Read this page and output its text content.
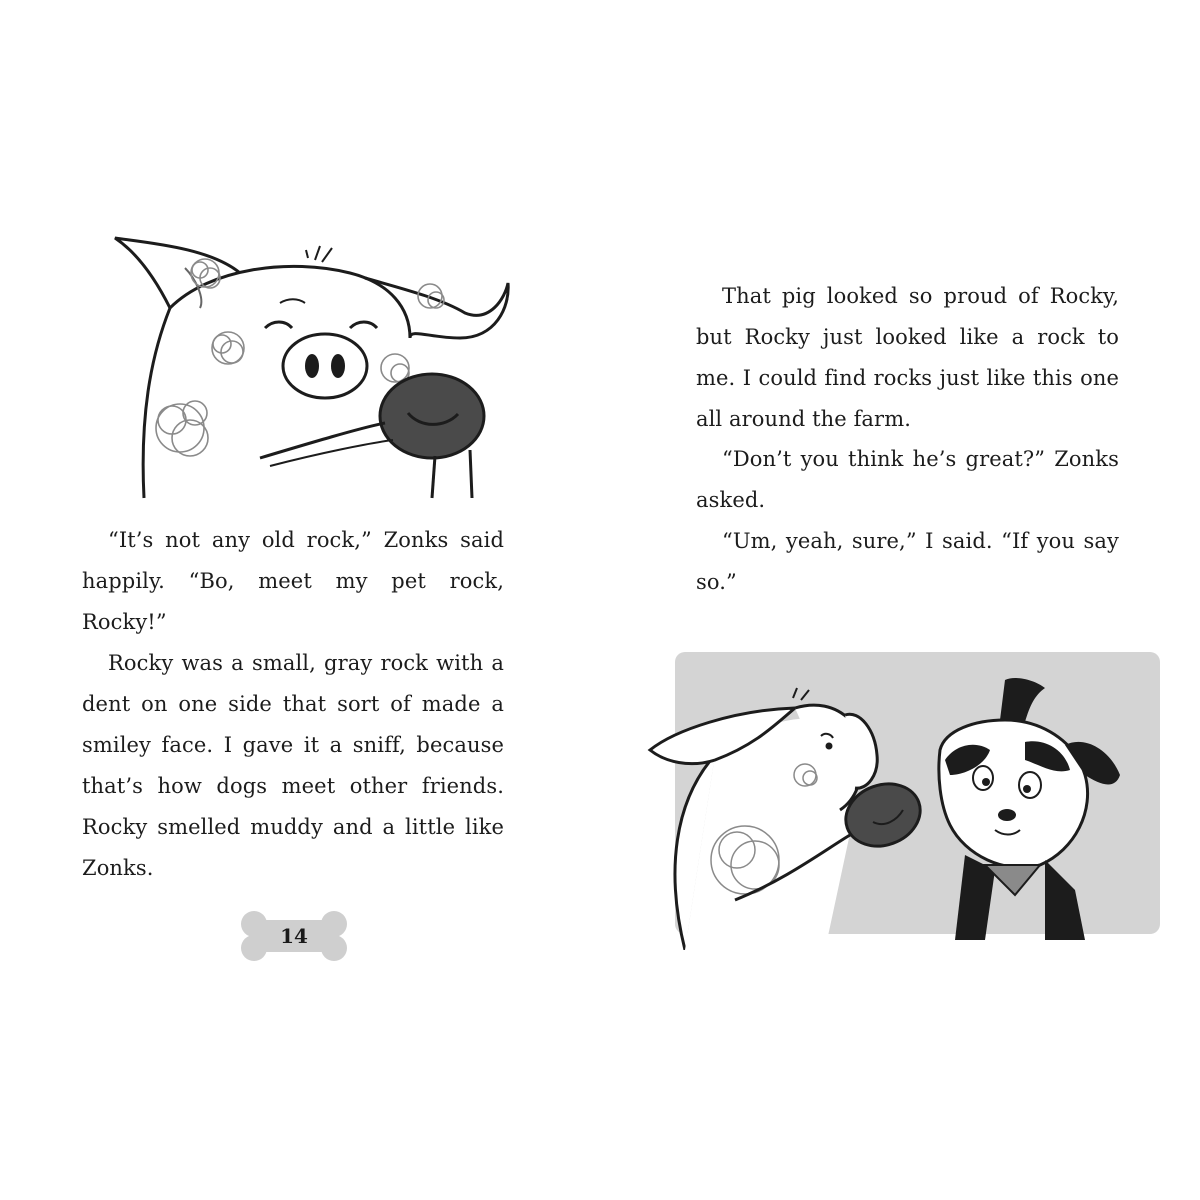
“It’s not any old rock,” Zonks said happily. “Bo, meet my pet rock, Rocky!”

Rocky was a small, gray rock with a dent on one side that sort of made a smiley face. I gave it a sniff, because that’s how dogs meet other friends. Rocky smelled muddy and a little like Zonks.

14

That pig looked so proud of Rocky, but Rocky just looked like a rock to me. I could find rocks just like this one all around the farm.

“Don’t you think he’s great?” Zonks asked.

“Um, yeah, sure,” I said. “If you say so.”
